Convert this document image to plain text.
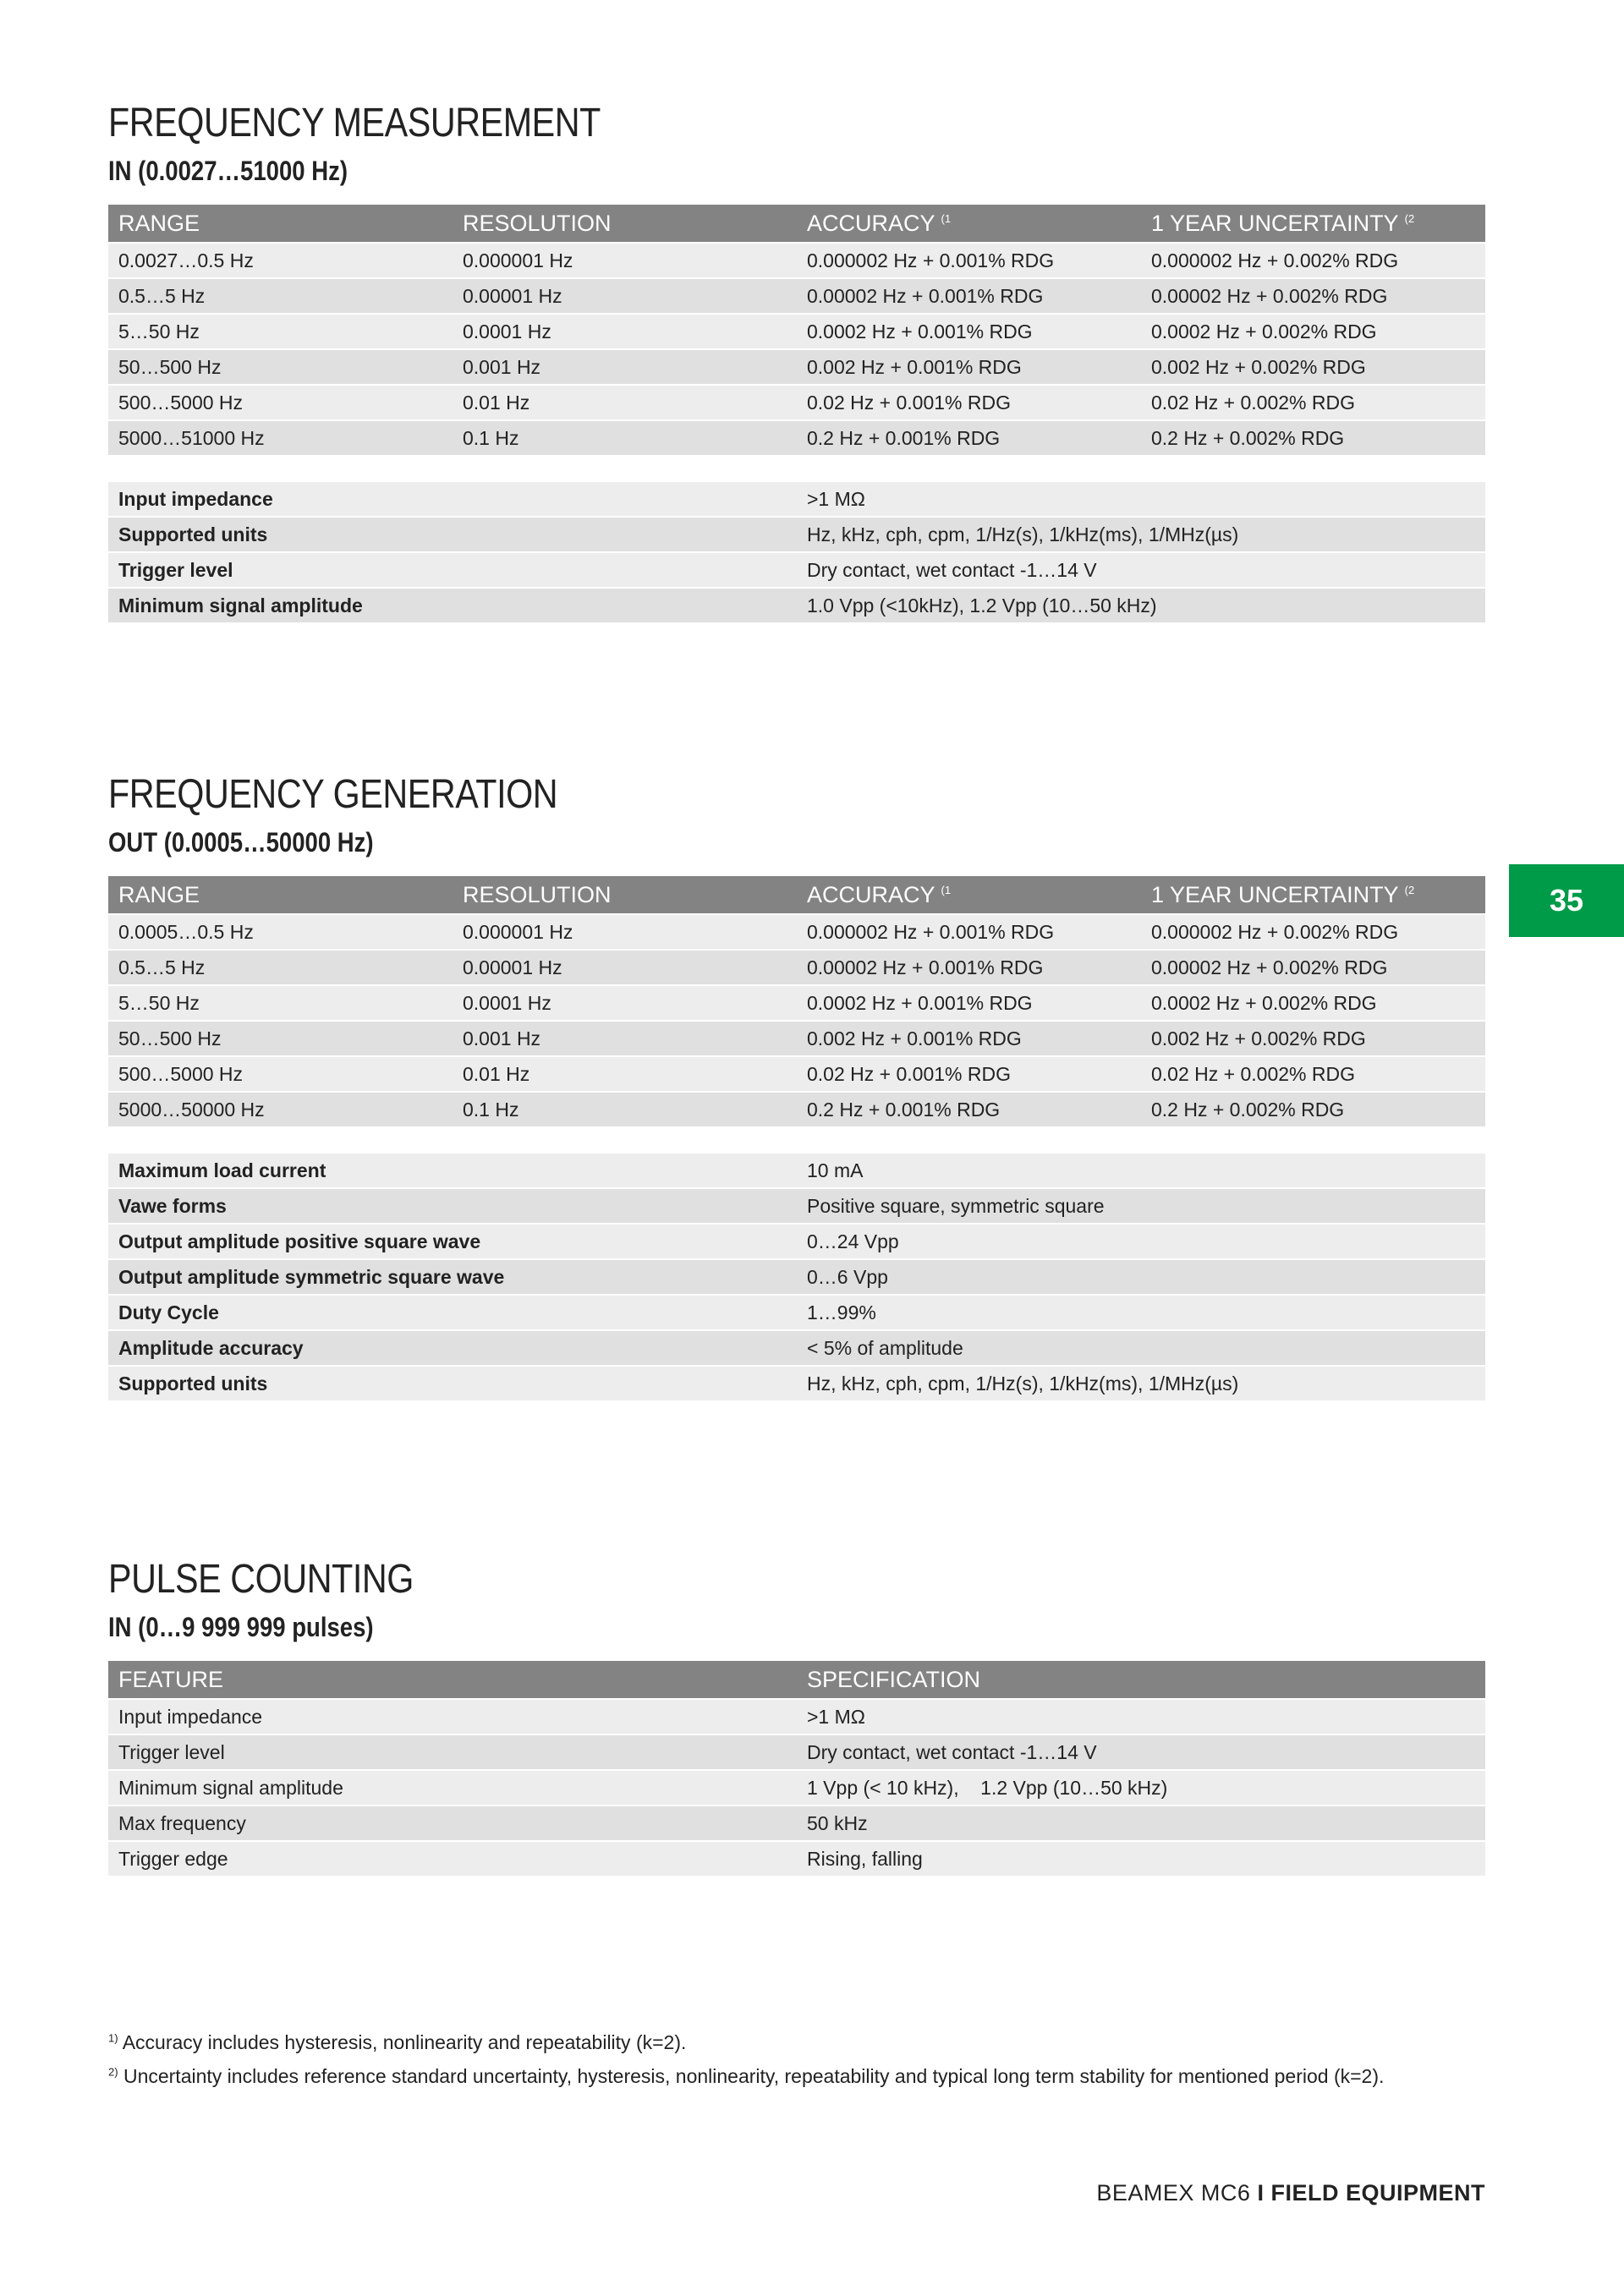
FREQUENCY MEASUREMENT
IN (0.0027…51000 Hz)
RANGE	RESOLUTION	ACCURACY $^{(1}$	1 YEAR UNCERTAINTY $^{(2}$
0.0027…0.5 Hz	0.000001 Hz	0.000002 Hz + 0.001% RDG	0.000002 Hz + 0.002% RDG
0.5…5 Hz	0.00001 Hz	0.00002 Hz + 0.001% RDG	0.00002 Hz + 0.002% RDG
5…50 Hz	0.0001 Hz	0.0002 Hz + 0.001% RDG	0.0002 Hz + 0.002% RDG
50…500 Hz	0.001 Hz	0.002 Hz + 0.001% RDG	0.002 Hz + 0.002% RDG
500…5000 Hz	0.01 Hz	0.02 Hz + 0.001% RDG	0.02 Hz + 0.002% RDG
5000…51000 Hz	0.1 Hz	0.2 Hz + 0.001% RDG	0.2 Hz + 0.002% RDG
Input impedance	>1 MΩ
Supported units	Hz, kHz, cph, cpm, 1/Hz(s), 1/kHz(ms), 1/MHz(µs)
Trigger level	Dry contact, wet contact -1…14 V
Minimum signal amplitude	1.0 Vpp (<10kHz), 1.2 Vpp (10…50 kHz)
FREQUENCY GENERATION
OUT (0.0005…50000 Hz)
RANGE	RESOLUTION	ACCURACY $^{(1}$	1 YEAR UNCERTAINTY $^{(2}$
0.0005…0.5 Hz	0.000001 Hz	0.000002 Hz + 0.001% RDG	0.000002 Hz + 0.002% RDG
0.5…5 Hz	0.00001 Hz	0.00002 Hz + 0.001% RDG	0.00002 Hz + 0.002% RDG
5…50 Hz	0.0001 Hz	0.0002 Hz + 0.001% RDG	0.0002 Hz + 0.002% RDG
50…500 Hz	0.001 Hz	0.002 Hz + 0.001% RDG	0.002 Hz + 0.002% RDG
500…5000 Hz	0.01 Hz	0.02 Hz + 0.001% RDG	0.02 Hz + 0.002% RDG
5000…50000 Hz	0.1 Hz	0.2 Hz + 0.001% RDG	0.2 Hz + 0.002% RDG
Maximum load current	10 mA
Vawe forms	Positive square, symmetric square
Output amplitude positive square wave	0…24 Vpp
Output amplitude symmetric square wave	0…6 Vpp
Duty Cycle	1…99%
Amplitude accuracy	< 5% of amplitude
Supported units	Hz, kHz, cph, cpm, 1/Hz(s), 1/kHz(ms), 1/MHz(µs)
PULSE COUNTING
IN (0…9 999 999 pulses)
FEATURE	SPECIFICATION
Input impedance	>1 MΩ
Trigger level	Dry contact, wet contact -1…14 V
Minimum signal amplitude	1 Vpp (< 10 kHz),    1.2 Vpp (10…50 kHz)
Max frequency	50 kHz
Trigger edge	Rising, falling
35
$^{1)}$ Accuracy includes hysteresis, nonlinearity and repeatability (k=2).
$^{2)}$ Uncertainty includes reference standard uncertainty, hysteresis, nonlinearity, repeatability and typical long term stability for mentioned period (k=2).
BEAMEX MC6 I FIELD EQUIPMENT
